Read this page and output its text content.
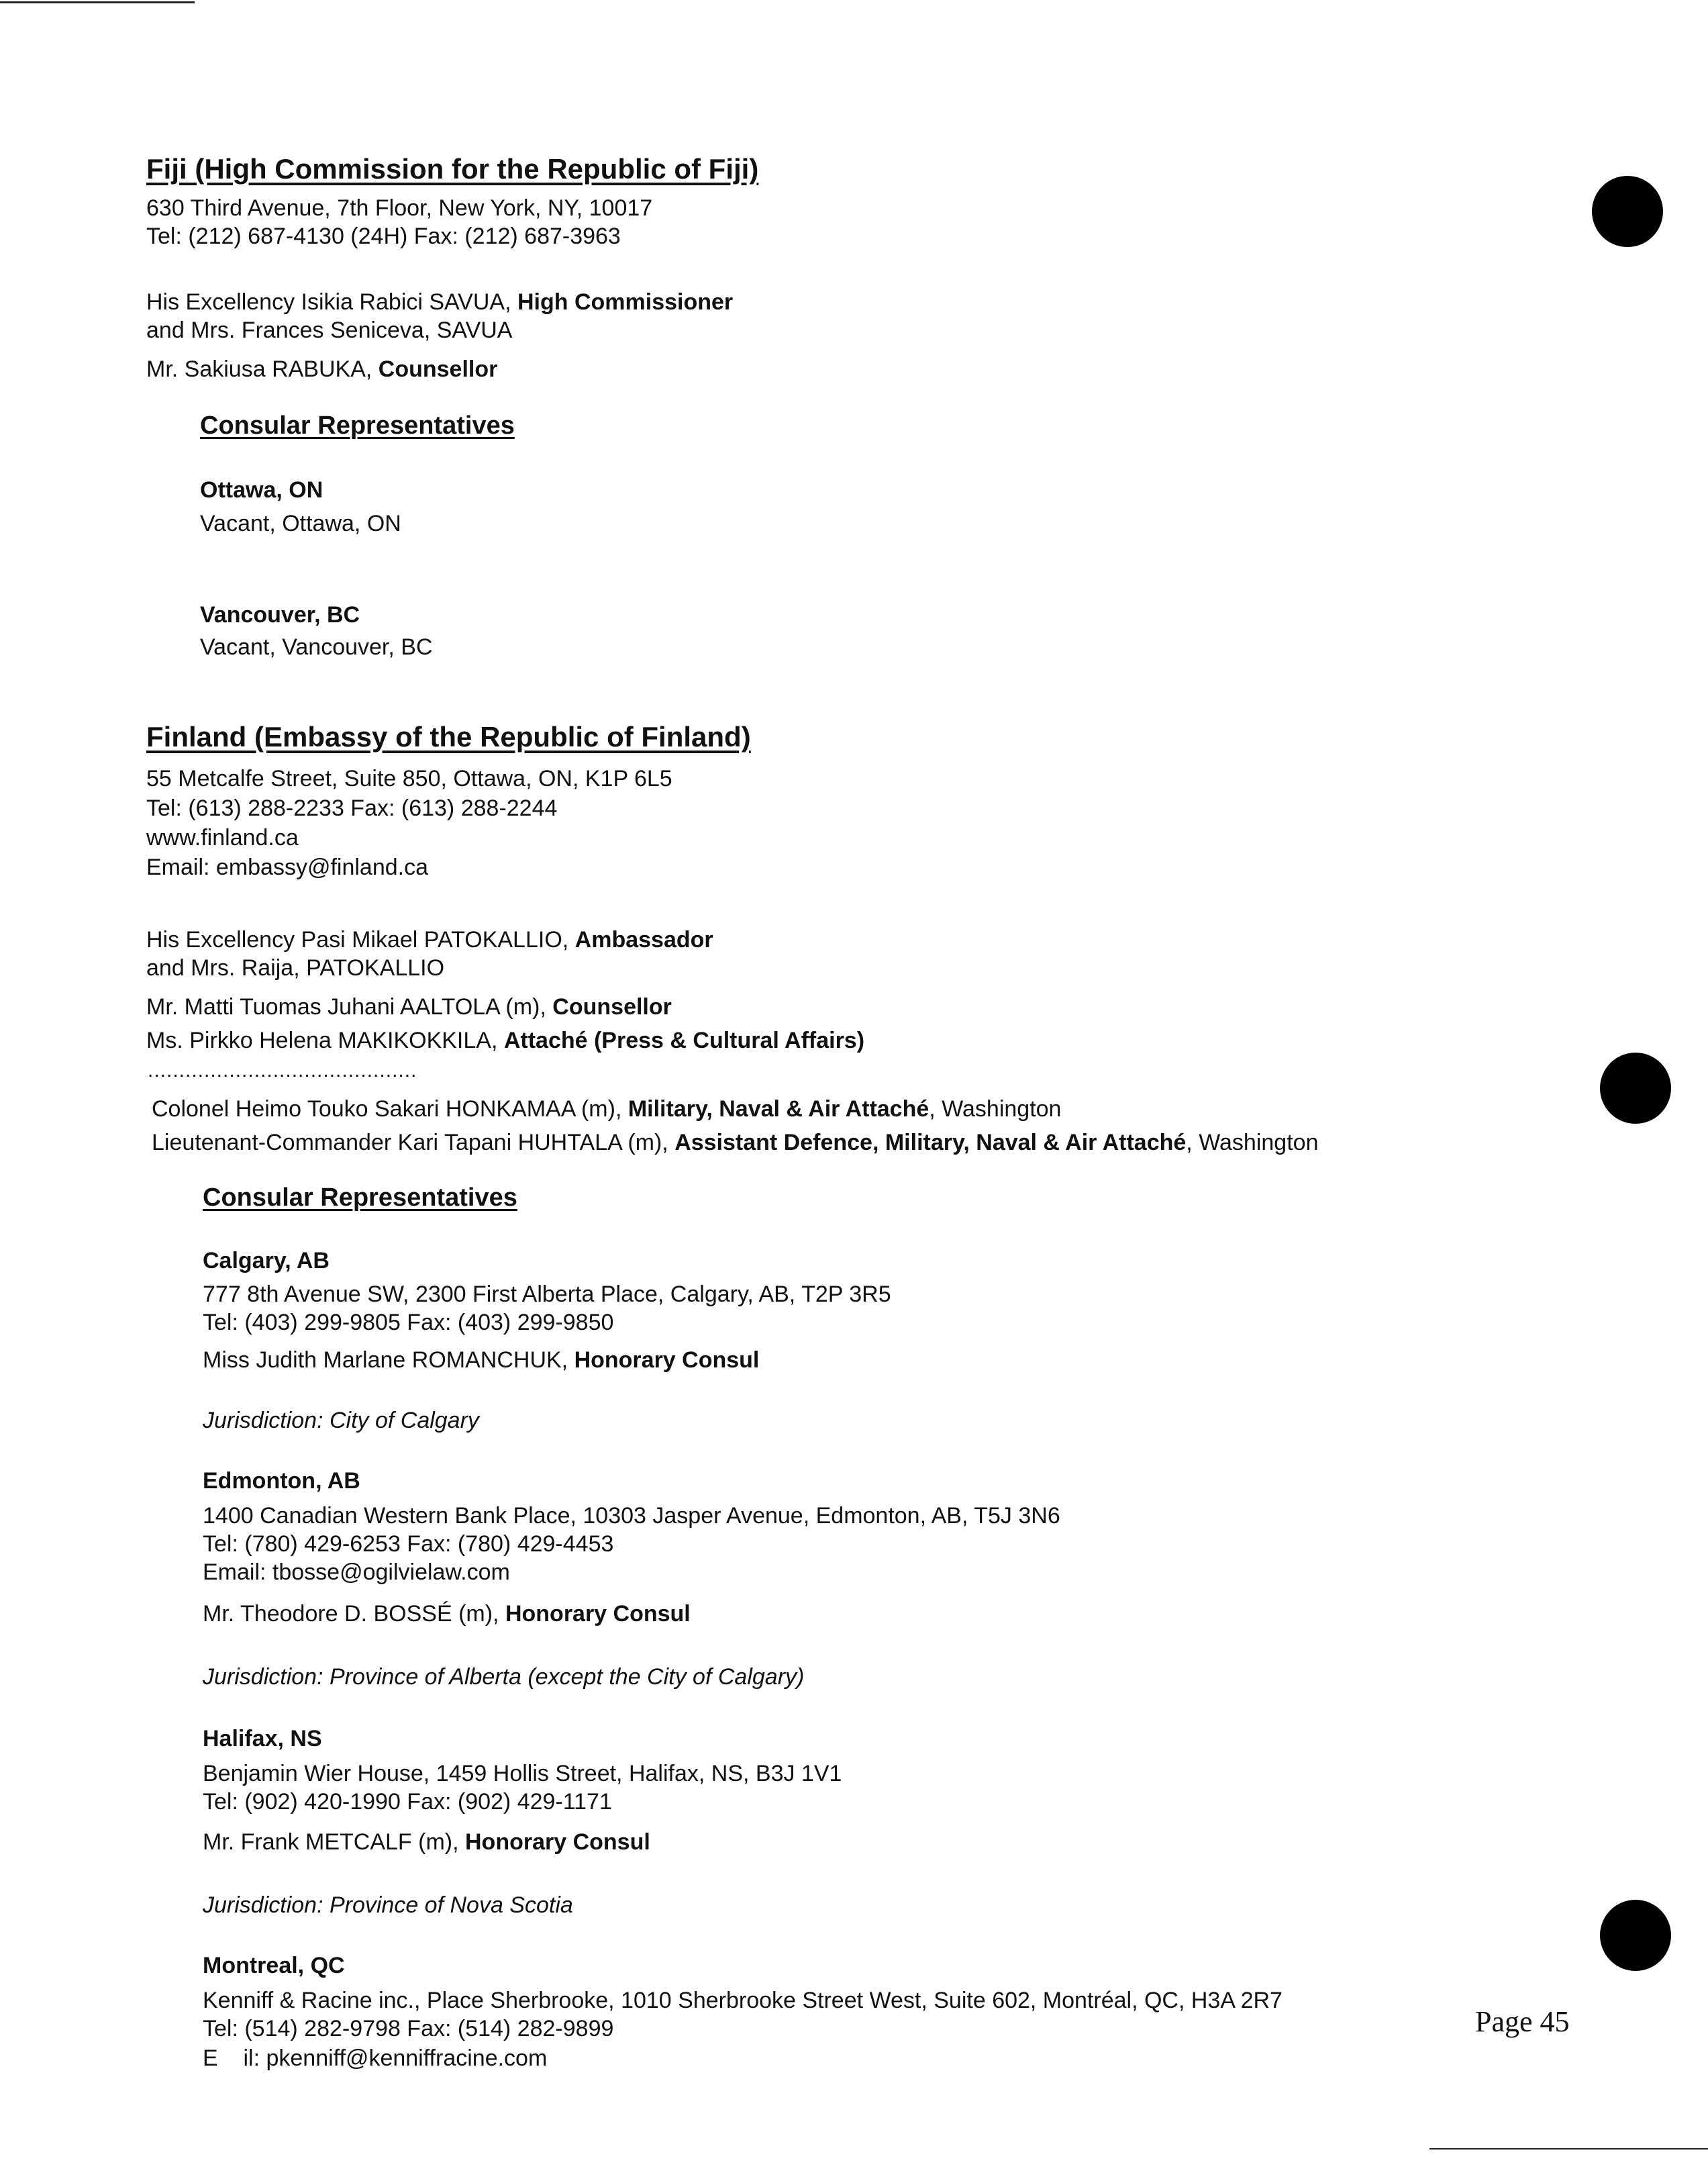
Fiji (High Commission for the Republic of Fiji)
630 Third Avenue, 7th Floor, New York, NY, 10017
Tel: (212) 687-4130 (24H) Fax: (212) 687-3963
His Excellency Isikia Rabici SAVUA, High Commissioner
and Mrs. Frances Seniceva, SAVUA
Mr. Sakiusa RABUKA, Counsellor
Consular Representatives
Ottawa, ON
Vacant, Ottawa, ON
Vancouver, BC
Vacant, Vancouver, BC
Finland (Embassy of the Republic of Finland)
55 Metcalfe Street, Suite 850, Ottawa, ON, K1P 6L5
Tel: (613) 288-2233 Fax: (613) 288-2244
www.finland.ca
Email: embassy@finland.ca
His Excellency Pasi Mikael PATOKALLIO, Ambassador
and Mrs. Raija, PATOKALLIO
Mr. Matti Tuomas Juhani AALTOLA (m), Counsellor
Ms. Pirkko Helena MAKIKOKKILA, Attaché (Press & Cultural Affairs)
...........................................
Colonel Heimo Touko Sakari HONKAMAA (m), Military, Naval & Air Attaché, Washington
Lieutenant-Commander Kari Tapani HUHTALA (m), Assistant Defence, Military, Naval & Air Attaché, Washington
Consular Representatives
Calgary, AB
777 8th Avenue SW, 2300 First Alberta Place, Calgary, AB, T2P 3R5
Tel: (403) 299-9805 Fax: (403) 299-9850
Miss Judith Marlane ROMANCHUK, Honorary Consul
Jurisdiction: City of Calgary
Edmonton, AB
1400 Canadian Western Bank Place, 10303 Jasper Avenue, Edmonton, AB, T5J 3N6
Tel: (780) 429-6253 Fax: (780) 429-4453
Email: tbosse@ogilvielaw.com
Mr. Theodore D. BOSSÉ (m), Honorary Consul
Jurisdiction: Province of Alberta (except the City of Calgary)
Halifax, NS
Benjamin Wier House, 1459 Hollis Street, Halifax, NS, B3J 1V1
Tel: (902) 420-1990 Fax: (902) 429-1171
Mr. Frank METCALF (m), Honorary Consul
Jurisdiction: Province of Nova Scotia
Montreal, QC
Kenniff & Racine inc., Place Sherbrooke, 1010 Sherbrooke Street West, Suite 602, Montréal, QC, H3A 2R7
Tel: (514) 282-9798 Fax: (514) 282-9899
E    il: pkenniff@kenniffracine.com
Page 45
